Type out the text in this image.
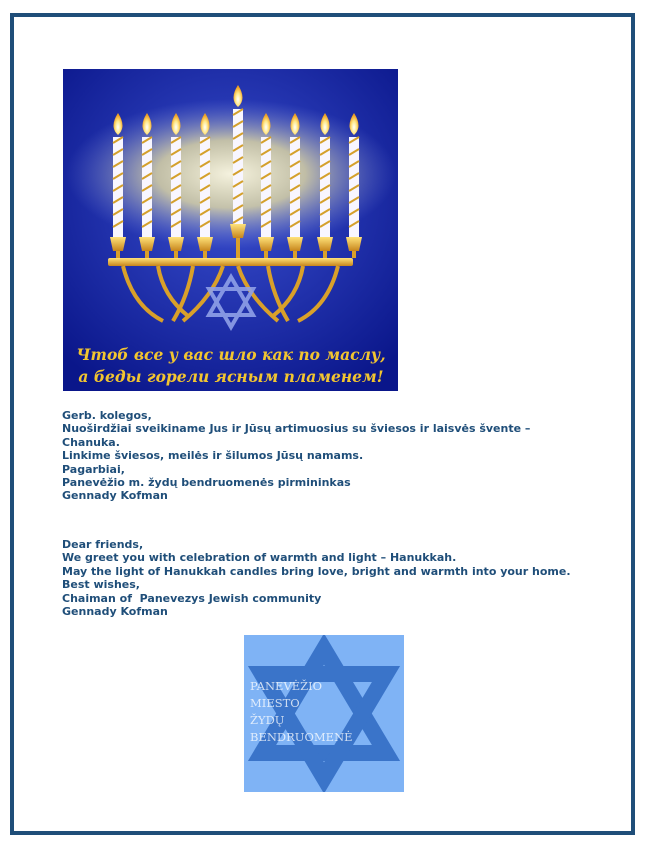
Чтоб все у вас шло как по маслу,
а беды горели ясным пламенем!
Gerb. kolegos,
Nuoširdžiai sveikiname Jus ir Jūsų artimuosius su šviesos ir laisvės švente – Chanuka.
Linkime šviesos, meilės ir šilumos Jūsų namams.
Pagarbiai,
Panevėžio m. žydų bendruomenės pirmininkas
Gennady Kofman
Dear friends,
We greet you with celebration of warmth and light – Hanukkah.
May the light of Hanukkah candles bring love, bright and warmth into your home.
Best wishes,
Chaiman of  Panevezys Jewish community
Gennady Kofman
PANEVĖŽIO
MIESTO
ŽYDŲ
BENDRUOMENĖ
